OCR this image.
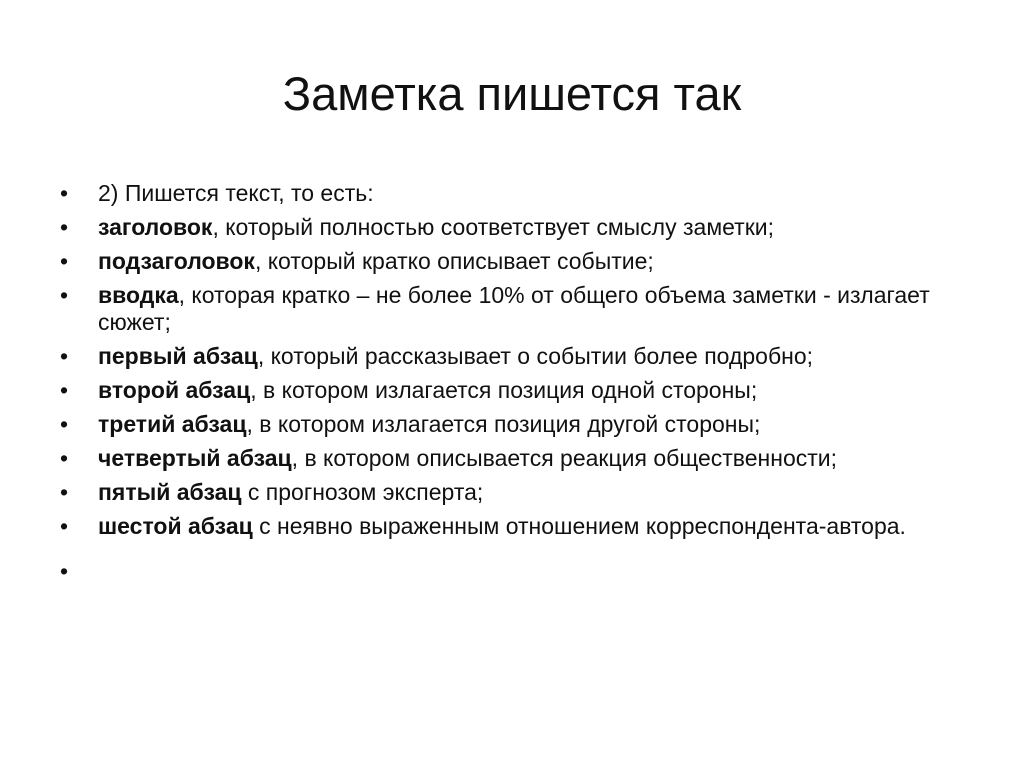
Заметка пишется так
•	2) Пишется текст, то есть:
•	заголовок, который полностью соответствует смыслу заметки;
•	подзаголовок, который кратко описывает событие;
•	вводка, которая кратко – не более 10% от общего объема заметки - излагает сюжет;
•	первый абзац, который рассказывает о событии более подробно;
•	второй абзац, в котором излагается позиция одной стороны;
•	третий абзац, в котором излагается позиция другой стороны;
•	четвертый абзац, в котором описывается реакция общественности;
•	пятый абзац с прогнозом эксперта;
•	шестой абзац с неявно выраженным отношением корреспондента-автора.
•
